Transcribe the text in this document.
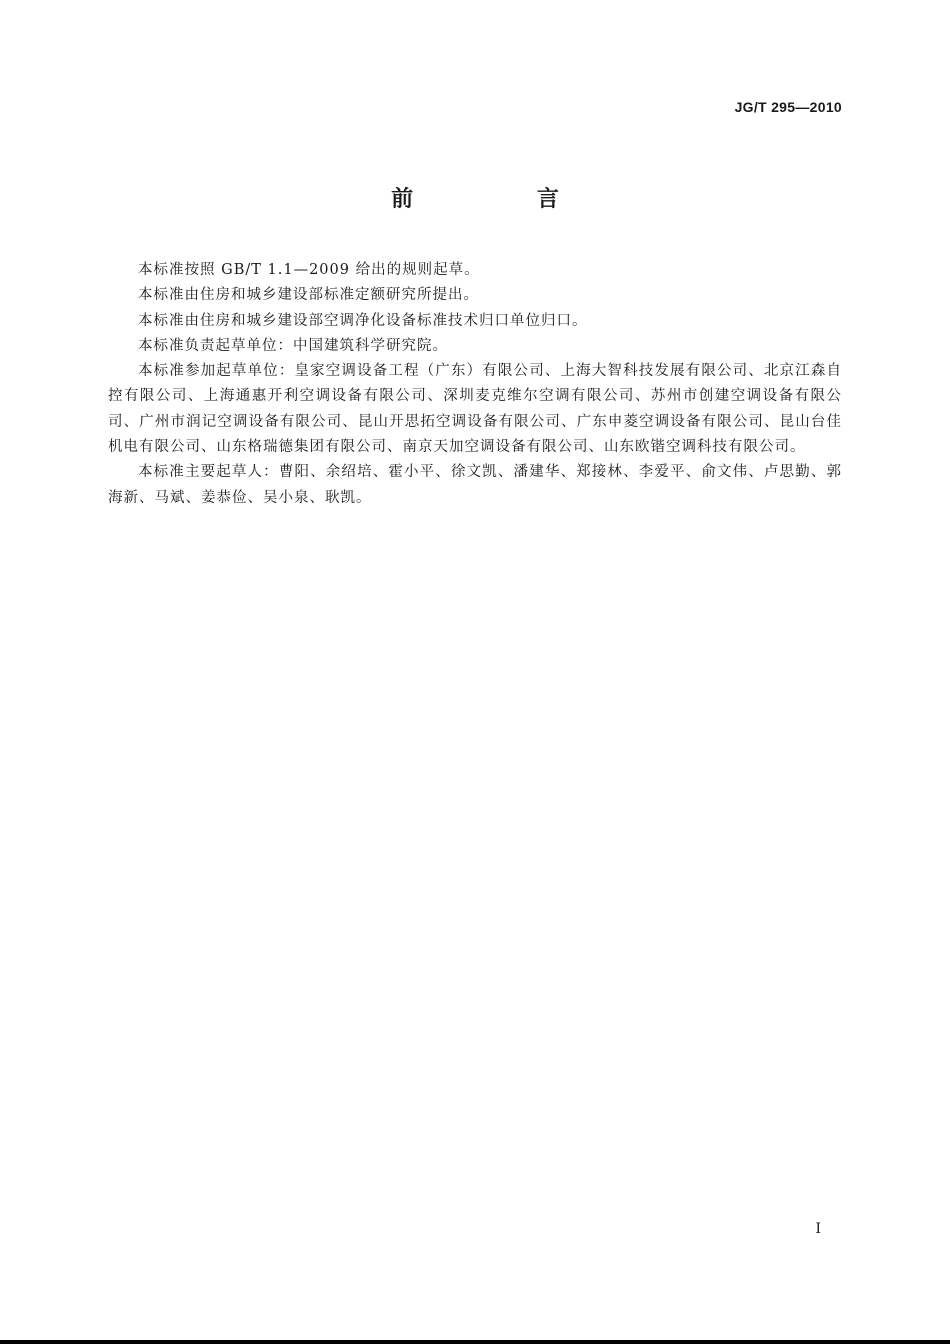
JG/T 295—2010
前 言

本标准按照 GB/T 1.1—2009 给出的规则起草。

本标准由住房和城乡建设部标准定额研究所提出。

本标准由住房和城乡建设部空调净化设备标准技术归口单位归口。

本标准负责起草单位：中国建筑科学研究院。

本标准参加起草单位：皇家空调设备工程（广东）有限公司、上海大智科技发展有限公司、北京江森自控有限公司、上海通惠开利空调设备有限公司、深圳麦克维尔空调有限公司、苏州市创建空调设备有限公司、广州市润记空调设备有限公司、昆山开思拓空调设备有限公司、广东申菱空调设备有限公司、昆山台佳机电有限公司、山东格瑞德集团有限公司、南京天加空调设备有限公司、山东欧锴空调科技有限公司。

本标准主要起草人：曹阳、余绍培、霍小平、徐文凯、潘建华、郑接林、李爱平、俞文伟、卢思勤、郭海新、马斌、姜恭俭、吴小泉、耿凯。

I
